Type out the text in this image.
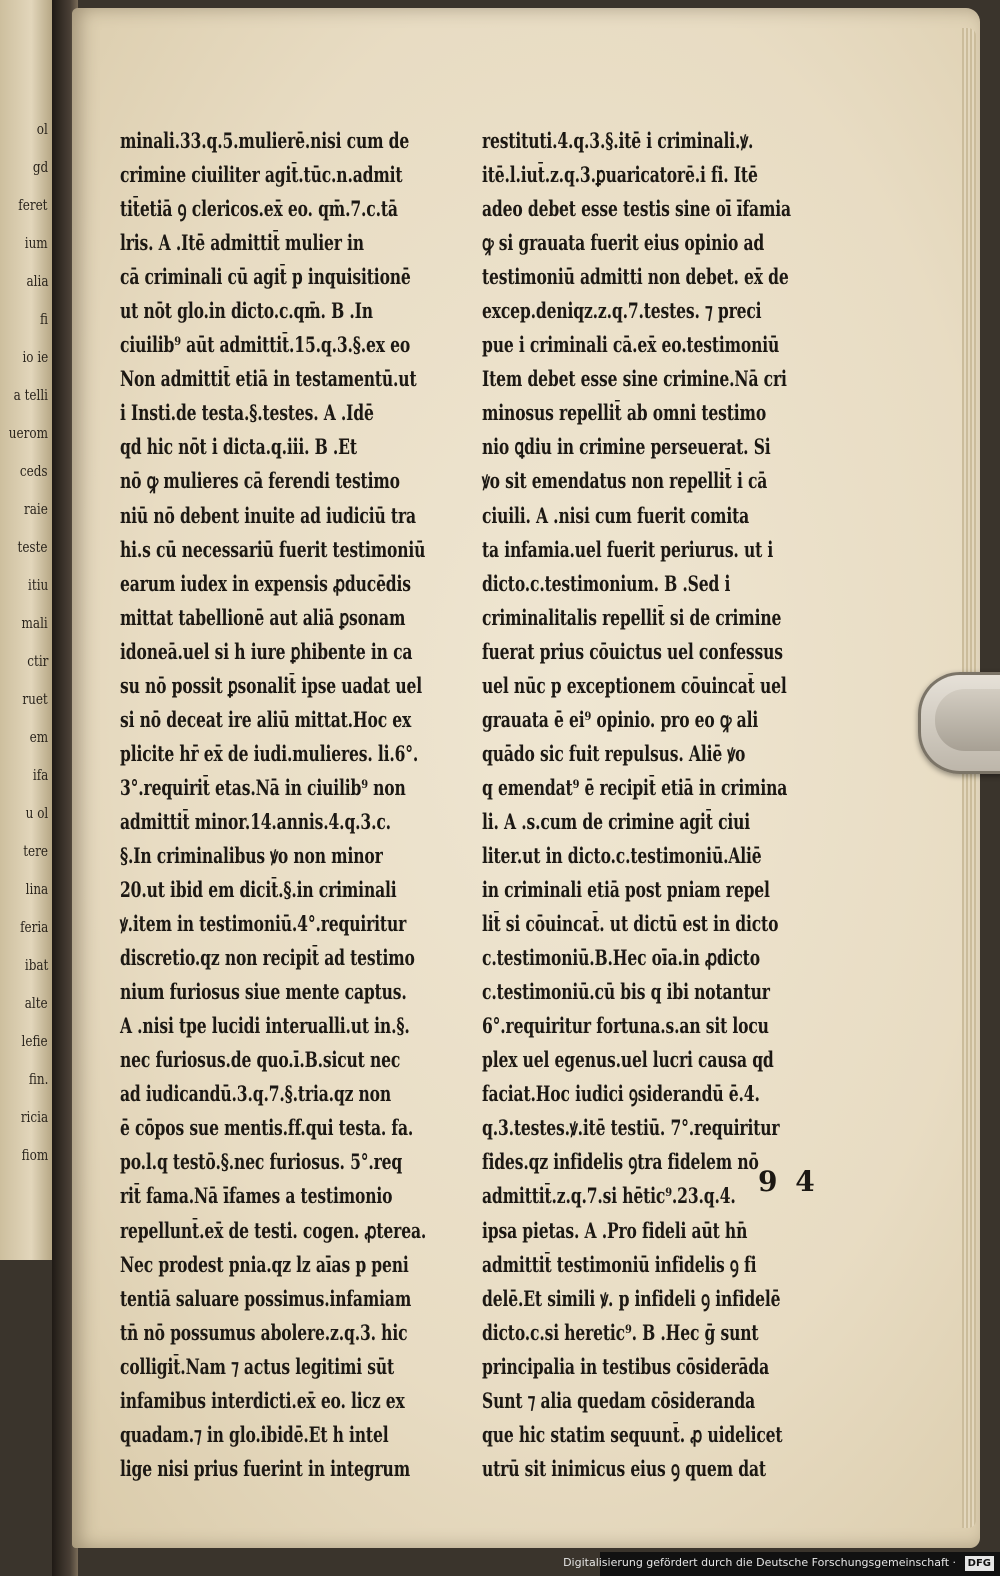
ol
gd
feret
ium
alia
fi
io ie
a telli
uerom
ceds
raie
teste
itiu
mali
ctir
ruet
em
ifa
u ol
tere
lina
feria
ibat
alte
lefie
fin.
ricia
fiom
minali.33.q.5.mulierē.nisi cum de
crimine ciuiliter agit̄.tūc.n.admit
tit̄etiā ꝯ clericos.ex̄ eo. qm̄.7.c.tā
lris. A .Itē admittit̄ mulier in
cā criminali cū agit̄ p inquisitionē
ut nōt glo.in dicto.c.qm̄. B .In
ciuilib⁹ aūt admittit̄.15.q.3.§.ex eo
Non admittit̄ etiā in testamentū.ut
i Insti.de testa.§.testes. A .Idē
qd hic nōt i dicta.q.iii. B .Et
nō ꝙ mulieres cā ferendi testimo
niū nō debent inuite ad iudiciū tra
hi.s cū necessariū fuerit testimoniū
earum iudex in expensis ꝓducēdis
mittat tabellionē aut aliā ꝑsonam
idoneā.uel si h iure ꝑhibente in ca
su nō possit ꝑsonalit̄ ipse uadat uel
si nō deceat ire aliū mittat.Hoc ex
plicite hr̄ ex̄ de iudi.mulieres. li.6°.
3°.requirit̄ etas.Nā in ciuilib⁹ non
admittit̄ minor.14.annis.4.q.3.c.
§.In criminalibus ꝟo non minor
20.ut ibid em dicit̄.§.in criminali
ꝟ.item in testimoniū.4°.requiritur
discretio.qz non recipit̄ ad testimo
nium furiosus siue mente captus.
A .nisi tpe lucidi interualli.ut in.§.
nec furiosus.de quo.ī.B.sicut nec
ad iudicandū.3.q.7.§.tria.qz non
ē cōpos sue mentis.ff.qui testa. fa.
po.l.q testō.§.nec furiosus. 5°.req
rit̄ fama.Nā īfames a testimonio
repellunt̄.ex̄ de testi. cogen. ꝓterea.
Nec prodest pnia.qz lz aīas p peni
tentiā saluare possimus.infamiam
tn̄ nō possumus abolere.z.q.3. hic
colligit̄.Nam ⁊ actus legitimi sūt
infamibus interdicti.ex̄ eo. licz ex
quadam.⁊ in glo.ibidē.Et h intel
lige nisi prius fuerint in integrum
restituti.4.q.3.§.itē i criminali.ꝟ.
itē.l.iut̄.z.q.3.ꝑuaricatorē.i fi. Itē
adeo debet esse testis sine oī īfamia
ꝙ si grauata fuerit eius opinio ad
testimoniū admitti non debet. ex̄ de
excep.deniqz.z.q.7.testes. ⁊ preci
pue i criminali cā.ex̄ eo.testimoniū
Item debet esse sine crimine.Nā cri
minosus repellit̄ ab omni testimo
nio ꝗdiu in crimine perseuerat. Si
ꝟo sit emendatus non repellit̄ i cā
ciuili. A .nisi cum fuerit comita
ta infamia.uel fuerit periurus. ut i
dicto.c.testimonium. B .Sed i
criminalitalis repellit̄ si de crimine
fuerat prius cōuictus uel confessus
uel nūc p exceptionem cōuincat̄ uel
grauata ē ei⁹ opinio. pro eo ꝙ ali
quādo sic fuit repulsus. Aliē ꝟo
q emendat⁹ ē recipit̄ etiā in crimina
li. A .s.cum de crimine agit̄ ciui
liter.ut in dicto.c.testimoniū.Aliē
in criminali etiā post pniam repel
lit̄ si cōuincat̄. ut dictū est in dicto
c.testimoniū.B.Hec oīa.in ꝓdicto
c.testimoniū.cū bis q ibi notantur
6°.requiritur fortuna.s.an sit locu
plex uel egenus.uel lucri causa qd
faciat.Hoc iudici ꝯsiderandū ē.4.
q.3.testes.ꝟ.itē testiū. 7°.requiritur
fides.qz infidelis ꝯtra fidelem nō
admittit̄.z.q.7.si hētic⁹.23.q.4.
ipsa pietas. A .Pro fideli aūt hn̄
admittit̄ testimoniū infidelis ꝯ fi
delē.Et simili ꝟ. p infideli ꝯ infidelē
dicto.c.si heretic⁹. B .Hec ḡ sunt
principalia in testibus cōsiderāda
Sunt ⁊ alia quedam cōsideranda
que hic statim sequunt̄. ꝓ uidelicet
utrū sit inimicus eius ꝯ quem dat
9 4
Digitalisierung gefördert durch die Deutsche Forschungsgemeinschaft ·	DFG
